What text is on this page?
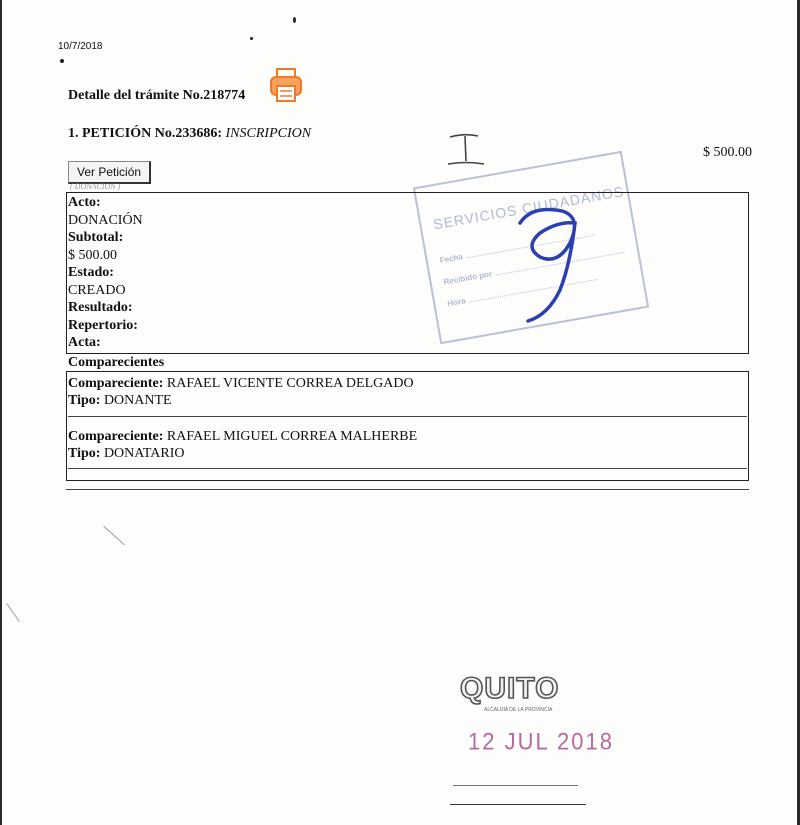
10/7/2018
Detalle del trámite No.218774
1. PETICIÓN No.233686: INSCRIPCION
$ 500.00
Ver Petición
( DONACION )	SERVICIOS CIUDADANOS
Fecha
Recibido por
Hora
Acto:
DONACIÓN
Subtotal:
$ 500.00
Estado:
CREADO
Resultado:
Repertorio:
Acta:
Comparecientes
Compareciente: RAFAEL VICENTE CORREA DELGADO
Tipo: DONANTE
Compareciente: RAFAEL MIGUEL CORREA MALHERBE
Tipo: DONATARIO
QUITO
ALCALDÍA DE LA PROVINCIA
12 JUL 2018
